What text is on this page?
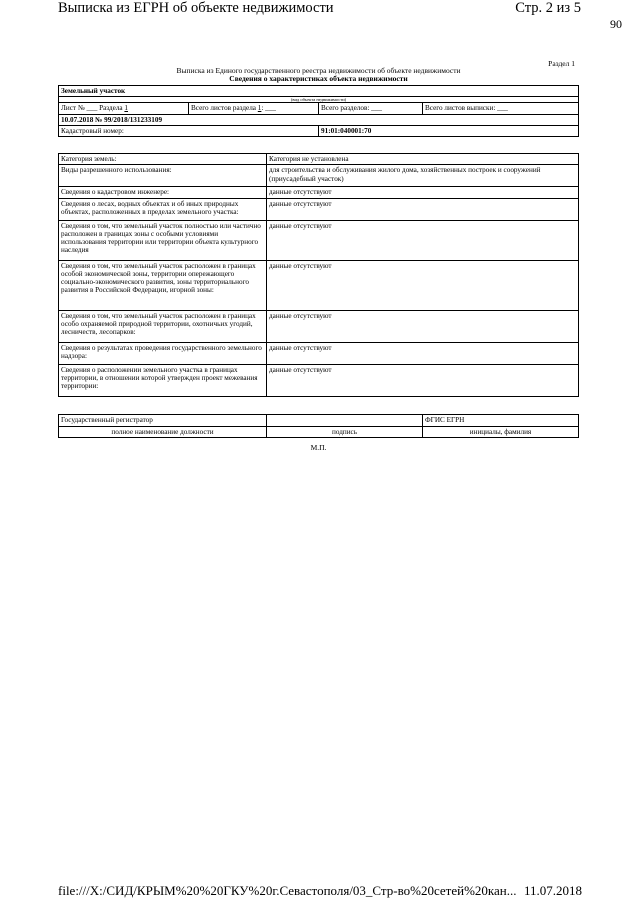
Выписка из ЕГРН об объекте недвижимости	Стр. 2 из 5
90
Раздел 1
Выписка из Единого государственного реестра недвижимости об объекте недвижимости
Сведения о характеристиках объекта недвижимости
Земельный участок			
(вид объекта недвижимости)			
Лист № ___ Раздела 1	Всего листов раздела 1: ___	Всего разделов: ___	Всего листов выписки: ___
10.07.2018 № 99/2018/131233109			
Кадастровый номер:		91:01:040001:70	
Категория земель:	Категория не установлена
Виды разрешенного использования:	для строительства и обслуживания жилого дома, хозяйственных построек и сооружений (приусадебный участок)
Сведения о кадастровом инженере:	данные отсутствуют
Сведения о лесах, водных объектах и об иных природных объектах, расположенных в пределах земельного участка:	данные отсутствуют
Сведения о том, что земельный участок полностью или частично расположен в границах зоны с особыми условиями использования территории или территории объекта культурного наследия	данные отсутствуют
Сведения о том, что земельный участок расположен в границах особой экономической зоны, территории опережающего социально-экономического развития, зоны территориального развития в Российской Федерации, игорной зоны:	данные отсутствуют
Сведения о том, что земельный участок расположен в границах особо охраняемой природной территории, охотничьих угодий, лесничеств, лесопарков:	данные отсутствуют
Сведения о результатах проведения государственного земельного надзора:	данные отсутствуют
Сведения о расположении земельного участка в границах территории, в отношении которой утвержден проект межевания территории:	данные отсутствуют
Государственный регистратор		ФГИС ЕГРН
полное наименование должности	подпись	инициалы, фамилия
М.П.
file:///X:/СИД/КРЫМ%20%20ГКУ%20г.Севастополя/03_Стр-во%20сетей%20кан... 11.07.2018
